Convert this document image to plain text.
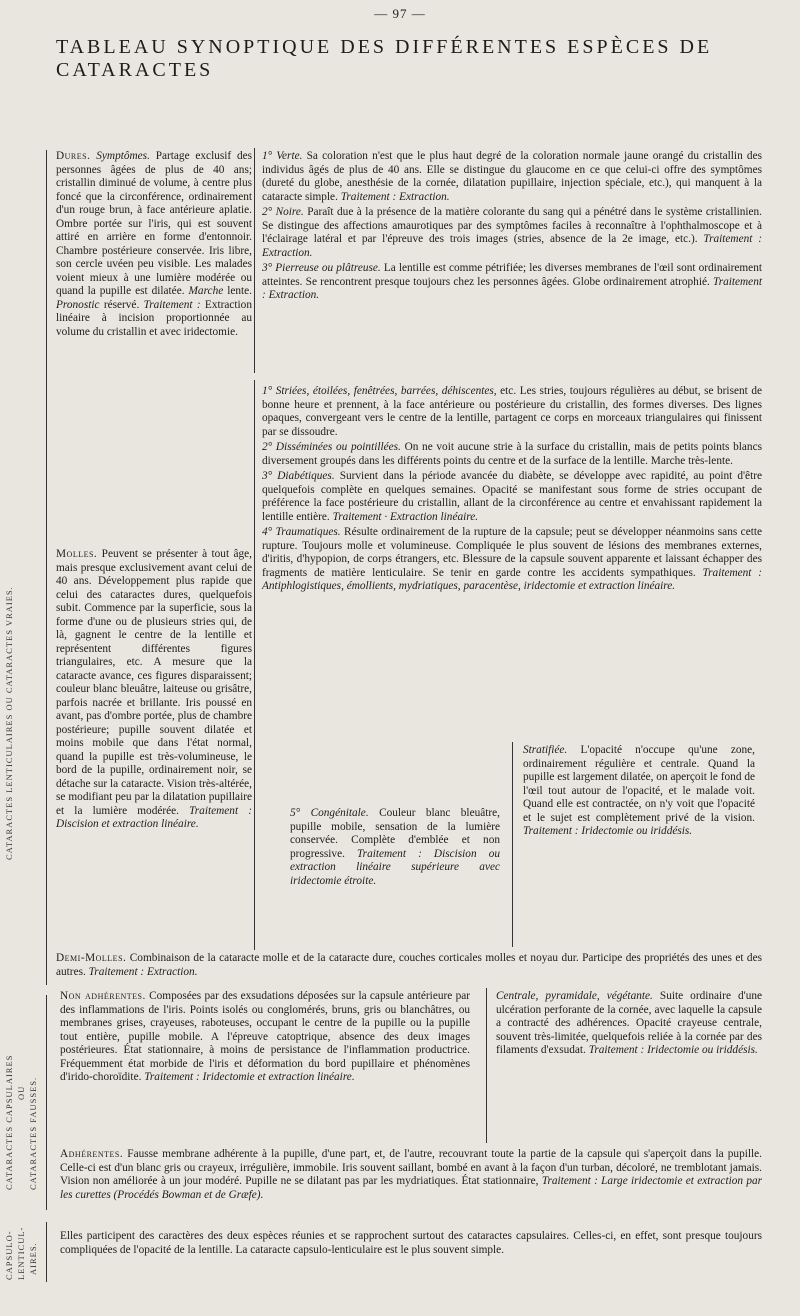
— 97 —
TABLEAU SYNOPTIQUE DES DIFFÉRENTES ESPÈCES DE CATARACTES
CATARACTES LENTICULAIRES OU CATARACTES VRAIES.
CATARACTES CAPSULAIRES OU CATARACTES FAUSSES.
CAPSULO- LENTICUL- AIRES.
Dures. Symptômes. Partage exclusif des personnes âgées de plus de 40 ans; cristallin diminué de volume, à centre plus foncé que la circonférence, ordinairement d'un rouge brun, à face antérieure aplatie. Ombre portée sur l'iris, qui est souvent attiré en arrière en forme d'entonnoir. Chambre postérieure conservée. Iris libre, son cercle uvéen peu visible. Les malades voient mieux à une lumière modérée ou quand la pupille est dilatée. Marche lente. Pronostic réservé. Traitement : Extraction linéaire à incision proportionnée au volume du cristallin et avec iridectomie.

1° Verte. Sa coloration n'est que le plus haut degré de la coloration normale jaune orangé du cristallin des individus âgés de plus de 40 ans. Elle se distingue du glaucome en ce que celui-ci offre des symptômes (dureté du globe, anesthésie de la cornée, dilatation pupillaire, injection spéciale, etc.), qui manquent à la cataracte simple. Traitement : Extraction.

2° Noire. Paraît due à la présence de la matière colorante du sang qui a pénétré dans le système cristallinien. Se distingue des affections amaurotiques par des symptômes faciles à reconnaître à l'ophthalmoscope et à l'éclairage latéral et par l'épreuve des trois images (stries, absence de la 2e image, etc.). Traitement : Extraction.

3° Pierreuse ou plâtreuse. La lentille est comme pétrifiée; les diverses membranes de l'œil sont ordinairement atteintes. Se rencontrent presque toujours chez les personnes âgées. Globe ordinairement atrophié. Traitement : Extraction.

Molles. Peuvent se présenter à tout âge, mais presque exclusivement avant celui de 40 ans. Développement plus rapide que celui des cataractes dures, quelquefois subit. Commence par la superficie, sous la forme d'une ou de plusieurs stries qui, de là, gagnent le centre de la lentille et représentent différentes figures triangulaires, etc. A mesure que la cataracte avance, ces figures disparaissent; couleur blanc bleuâtre, laiteuse ou grisâtre, parfois nacrée et brillante. Iris poussé en avant, pas d'ombre portée, plus de chambre postérieure; pupille souvent dilatée et moins mobile que dans l'état normal, quand la pupille est très-volumineuse, le bord de la pupille, ordinairement noir, se détache sur la cataracte. Vision très-altérée, se modifiant peu par la dilatation pupillaire et la lumière modérée. Traitement : Discision et extraction linéaire.

1° Striées, étoilées, fenêtrées, barrées, déhiscentes, etc. Les stries, toujours régulières au début, se brisent de bonne heure et prennent, à la face antérieure ou postérieure du cristallin, des formes diverses. Des lignes opaques, convergeant vers le centre de la lentille, partagent ce corps en morceaux triangulaires qui finissent par se dissoudre.

2° Disséminées ou pointillées. On ne voit aucune strie à la surface du cristallin, mais de petits points blancs diversement groupés dans les différents points du centre et de la surface de la lentille. Marche très-lente.

3° Diabétiques. Survient dans la période avancée du diabète, se développe avec rapidité, au point d'être quelquefois complète en quelques semaines. Opacité se manifestant sous forme de stries occupant de préférence la face postérieure du cristallin, allant de la circonférence au centre et envahissant rapidement la lentille entière. Traitement · Extraction linéaire.

4° Traumatiques. Résulte ordinairement de la rupture de la capsule; peut se développer néanmoins sans cette rupture. Toujours molle et volumineuse. Compliquée le plus souvent de lésions des membranes externes, d'iritis, d'hypopion, de corps étrangers, etc. Blessure de la capsule souvent apparente et laissant échapper des fragments de matière lenticulaire. Se tenir en garde contre les accidents sympathiques. Traitement : Antiphlogistiques, émollients, mydriatiques, paracentèse, iridectomie et extraction linéaire.

5° Congénitale. Couleur blanc bleuâtre, pupille mobile, sensation de la lumière conservée. Complète d'emblée et non progressive. Traitement : Discision ou extraction linéaire supérieure avec iridectomie étroite.
Stratifiée. L'opacité n'occupe qu'une zone, ordinairement régulière et centrale. Quand la pupille est largement dilatée, on aperçoit le fond de l'œil tout autour de l'opacité, et le malade voit. Quand elle est contractée, on n'y voit que l'opacité et le sujet est complètement privé de la vision. Traitement : Iridectomie ou iriddésis.
Demi-Molles. Combinaison de la cataracte molle et de la cataracte dure, couches corticales molles et noyau dur. Participe des propriétés des unes et des autres. Traitement : Extraction.
Non adhérentes. Composées par des exsudations déposées sur la capsule antérieure par des inflammations de l'iris. Points isolés ou conglomérés, bruns, gris ou blanchâtres, ou membranes grises, crayeuses, raboteuses, occupant le centre de la pupille ou la pupille tout entière, pupille mobile. A l'épreuve catoptrique, absence des deux images postérieures. État stationnaire, à moins de persistance de l'inflammation productrice. Fréquemment état morbide de l'iris et déformation du bord pupillaire et phénomènes d'irido-choroïdite. Traitement : Iridectomie et extraction linéaire.
Centrale, pyramidale, végétante. Suite ordinaire d'une ulcération perforante de la cornée, avec laquelle la capsule a contracté des adhérences. Opacité crayeuse centrale, souvent très-limitée, quelquefois reliée à la cornée par des filaments d'exsudat. Traitement : Iridectomie ou iriddésis.
Adhérentes. Fausse membrane adhérente à la pupille, d'une part, et, de l'autre, recouvrant toute la partie de la capsule qui s'aperçoit dans la pupille. Celle-ci est d'un blanc gris ou crayeux, irrégulière, immobile. Iris souvent saillant, bombé en avant à la façon d'un turban, décoloré, ne tremblotant jamais. Vision non améliorée à un jour modéré. Pupille ne se dilatant pas par les mydriatiques. État stationnaire, Traitement : Large iridectomie et extraction par les curettes (Procédés Bowman et de Græfe).
Elles participent des caractères des deux espèces réunies et se rapprochent surtout des cataractes capsulaires. Celles-ci, en effet, sont presque toujours compliquées de l'opacité de la lentille. La cataracte capsulo-lenticulaire est le plus souvent simple.
